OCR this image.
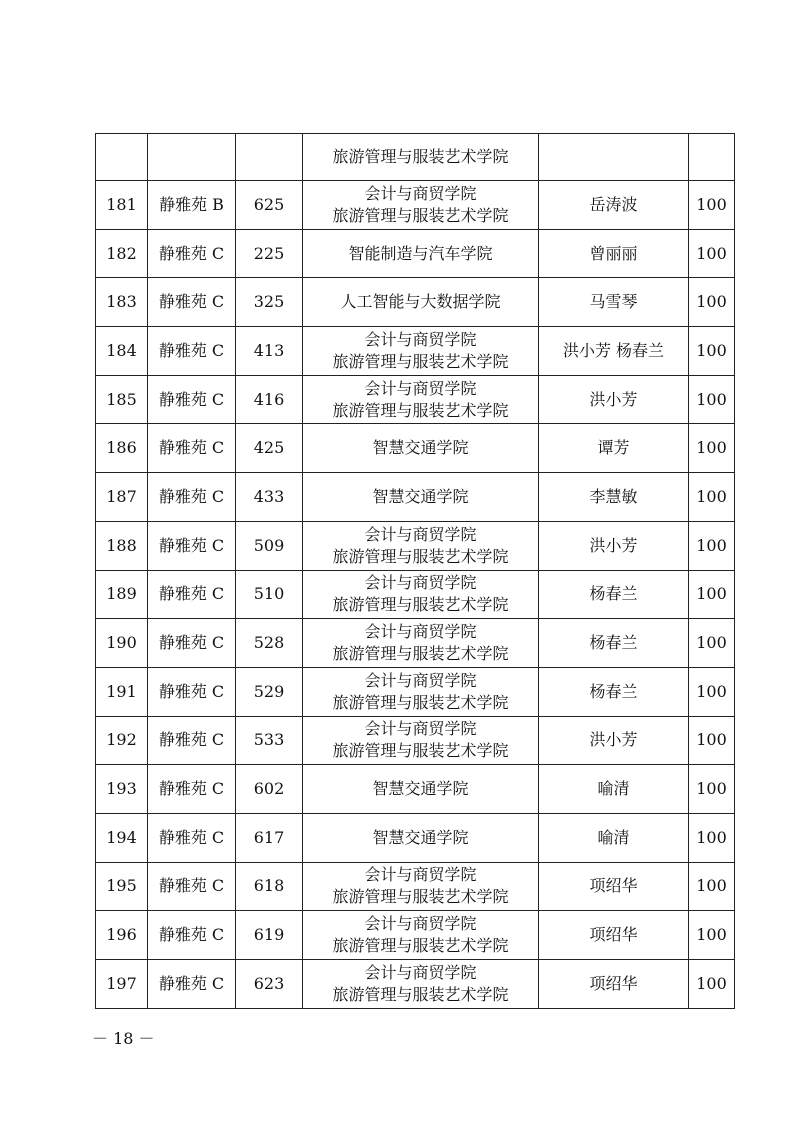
			旅游管理与服装艺术学院		

181	静雅苑 B	625	会计与商贸学院
旅游管理与服装艺术学院	岳涛波	100
182	静雅苑 C	225	智能制造与汽车学院	曾丽丽	100
183	静雅苑 C	325	人工智能与大数据学院	马雪琴	100
184	静雅苑 C	413	会计与商贸学院
旅游管理与服装艺术学院	洪小芳 杨春兰	100
185	静雅苑 C	416	会计与商贸学院
旅游管理与服装艺术学院	洪小芳	100
186	静雅苑 C	425	智慧交通学院	谭芳	100
187	静雅苑 C	433	智慧交通学院	李慧敏	100
188	静雅苑 C	509	会计与商贸学院
旅游管理与服装艺术学院	洪小芳	100
189	静雅苑 C	510	会计与商贸学院
旅游管理与服装艺术学院	杨春兰	100
190	静雅苑 C	528	会计与商贸学院
旅游管理与服装艺术学院	杨春兰	100
191	静雅苑 C	529	会计与商贸学院
旅游管理与服装艺术学院	杨春兰	100
192	静雅苑 C	533	会计与商贸学院
旅游管理与服装艺术学院	洪小芳	100
193	静雅苑 C	602	智慧交通学院	喻清	100
194	静雅苑 C	617	智慧交通学院	喻清	100
195	静雅苑 C	618	会计与商贸学院
旅游管理与服装艺术学院	项绍华	100
196	静雅苑 C	619	会计与商贸学院
旅游管理与服装艺术学院	项绍华	100
197	静雅苑 C	623	会计与商贸学院
旅游管理与服装艺术学院	项绍华	100
－ 18 －
